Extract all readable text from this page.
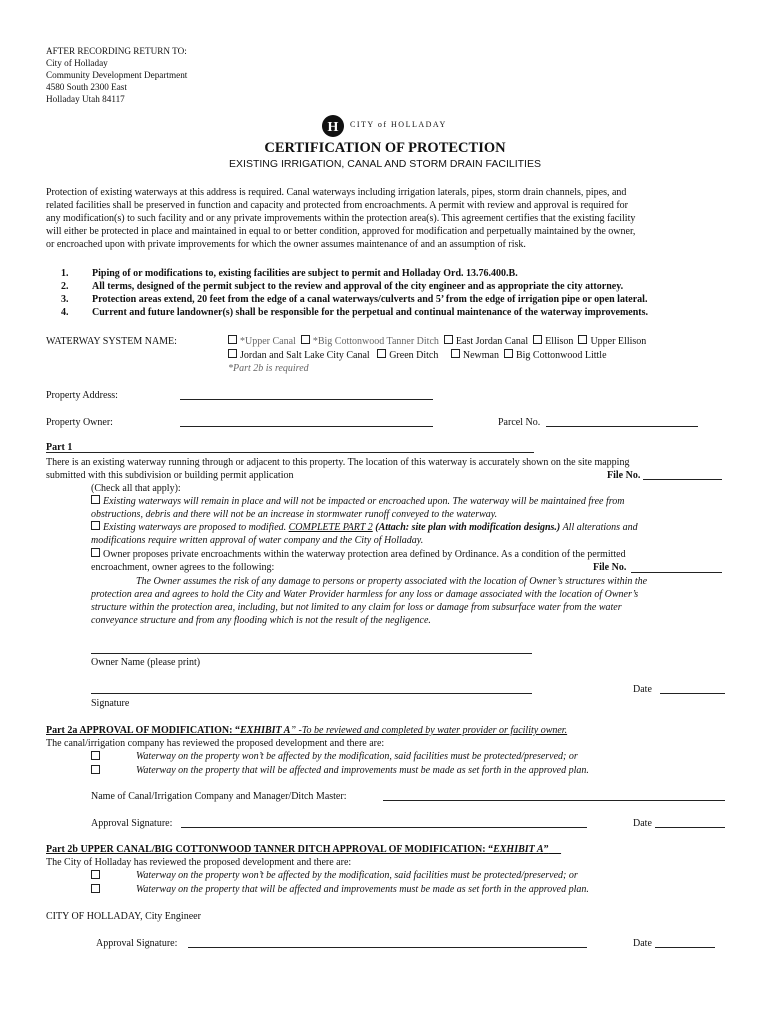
AFTER RECORDING RETURN TO:
City of Holladay
Community Development Department
4580 South 2300 East
Holladay Utah 84117
H CITY of HOLLADAY
CERTIFICATION OF PROTECTION
EXISTING IRRIGATION, CANAL AND STORM DRAIN FACILITIES
Protection of existing waterways at this address is required. Canal waterways including irrigation laterals, pipes, storm drain channels, pipes, and
related facilities shall be preserved in function and capacity and protected from encroachments. A permit with review and approval is required for
any modification(s) to such facility and or any private improvements within the protection area(s). This agreement certifies that the existing facility
will either be protected in place and maintained in equal to or better condition, approved for modification and perpetually maintained by the owner,
or encroached upon with private improvements for which the owner assumes maintenance of and an assumption of risk.
1. Piping of or modifications to, existing facilities are subject to permit and Holladay Ord. 13.76.400.B.
2. All terms, designed of the permit subject to the review and approval of the city engineer and as appropriate the city attorney.
3. Protection areas extend, 20 feet from the edge of a canal waterways/culverts and 5’ from the edge of irrigation pipe or open lateral.
4. Current and future landowner(s) shall be responsible for the perpetual and continual maintenance of the waterway improvements.
WATERWAY SYSTEM NAME:	*Upper Canal *Big Cottonwood Tanner Ditch East Jordan Canal Ellison Upper Ellison
Jordan and Salt Lake City Canal Green Ditch Newman Big Cottonwood Little
*Part 2b is required
Property Address:
Property Owner:	Parcel No.
Part 1
There is an existing waterway running through or adjacent to this property. The location of this waterway is accurately shown on the site mapping
submitted with this subdivision or building permit application	File No.
(Check all that apply):
Existing waterways will remain in place and will not be impacted or encroached upon. The waterway will be maintained free from
obstructions, debris and there will not be an increase in stormwater runoff conveyed to the waterway.
Existing waterways are proposed to modified. COMPLETE PART 2 (Attach: site plan with modification designs.) All alterations and
modifications require written approval of water company and the City of Holladay.
Owner proposes private encroachments within the waterway protection area defined by Ordinance. As a condition of the permitted
encroachment, owner agrees to the following:	File No.
The Owner assumes the risk of any damage to persons or property associated with the location of Owner’s structures within the
protection area and agrees to hold the City and Water Provider harmless for any loss or damage associated with the location of Owner’s
structure within the protection area, including, but not limited to any claim for loss or damage from subsurface water from the water
conveyance structure and from any flooding which is not the result of the negligence.
Owner Name (please print)
Date
Signature
Part 2a APPROVAL OF MODIFICATION: “EXHIBIT A” -To be reviewed and completed by water provider or facility owner.
The canal/irrigation company has reviewed the proposed development and there are:
Waterway on the property won’t be affected by the modification, said facilities must be protected/preserved; or
Waterway on the property that will be affected and improvements must be made as set forth in the approved plan.
Name of Canal/Irrigation Company and Manager/Ditch Master:
Approval Signature:	Date
Part 2b UPPER CANAL/BIG COTTONWOOD TANNER DITCH APPROVAL OF MODIFICATION: “EXHIBIT A”
The City of Holladay has reviewed the proposed development and there are:
Waterway on the property won’t be affected by the modification, said facilities must be protected/preserved; or
Waterway on the property that will be affected and improvements must be made as set forth in the approved plan.
CITY OF HOLLADAY, City Engineer
Approval Signature:	Date
